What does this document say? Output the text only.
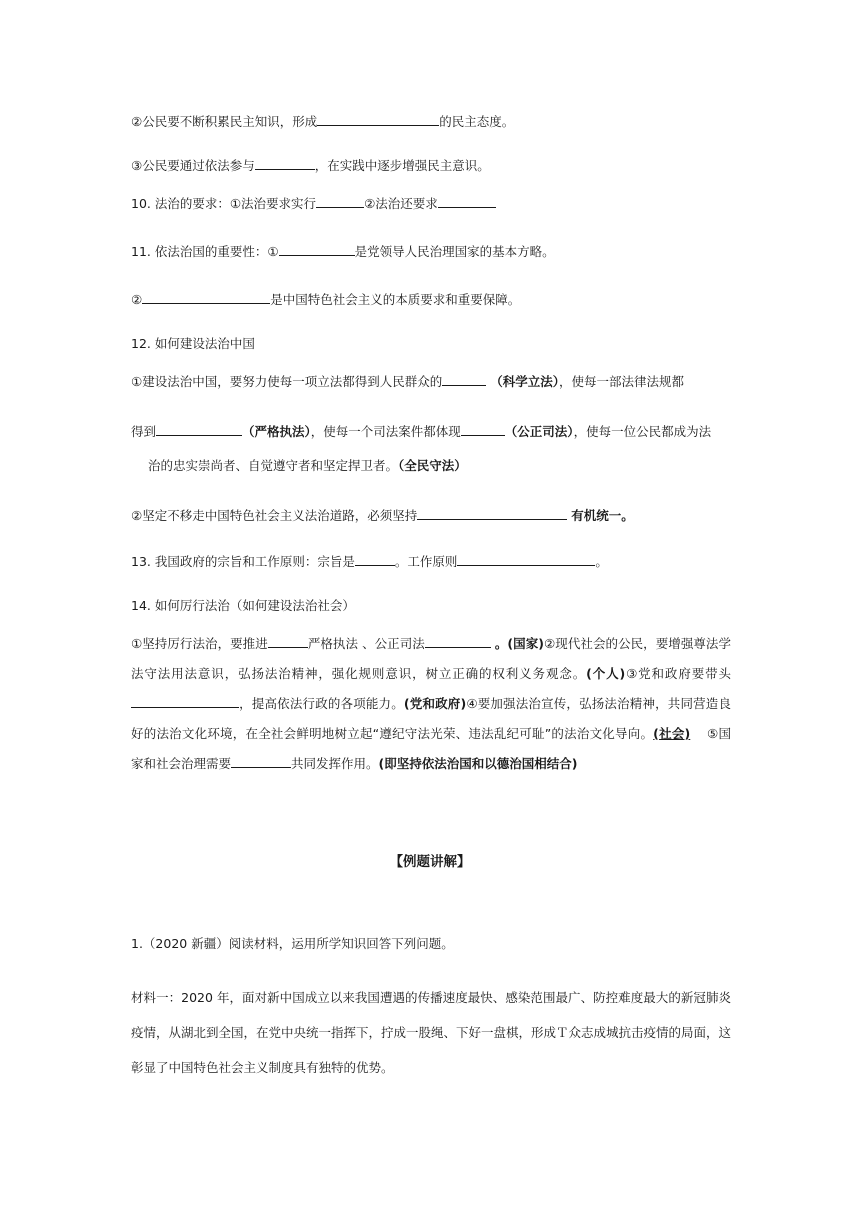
②公民要不断积累民主知识，形成	的民主态度。
③公民要通过依法参与	，在实践中逐步增强民主意识。
10. 法治的要求：①法治要求实行	②法治还要求
11. 依法治国的重要性：①	是党领导人民治理国家的基本方略。
②	是中国特色社会主义的本质要求和重要保障。
12. 如何建设法治中国
①建设法治中国，要努力使每一项立法都得到人民群众的	（科学立法），使每一部法律法规都
得到	（严格执法），使每一个司法案件都体现	（公正司法），使每一位公民都成为法
治的忠实崇尚者、自觉遵守者和坚定捍卫者。（全民守法）
②坚定不移走中国特色社会主义法治道路，必须坚持	有机统一。
13. 我国政府的宗旨和工作原则：宗旨是	。工作原则	。
14. 如何厉行法治（如何建设法治社会）
①坚持厉行法治，要推进	严格执法 、公正司法	。(国家)②现代社会的公民，要增强尊法学法守法用法意识，弘扬法治精神，强化规则意识，树立正确的权利义务观念。(个人)③党和政府要带头，提高依法行政的各项能力。(党和政府)④要加强法治宣传，弘扬法治精神，共同营造良好的法治文化环境，在全社会鲜明地树立起“遵纪守法光荣、违法乱纪可耻”的法治文化导向。(社会) ⑤国家和社会治理需要	共同发挥作用。(即坚持依法治国和以德治国相结合)
【例题讲解】
1.（2020 新疆）阅读材料，运用所学知识回答下列问题。
材料一：2020 年，面对新中国成立以来我国遭遇的传播速度最快、感染范围最广、防控难度最大的新冠肺炎疫情，从湖北到全国，在党中央统一指挥下，拧成一股绳、下好一盘棋，形成Ｔ众志成城抗击疫情的局面，这彰显了中国特色社会主义制度具有独特的优势。
